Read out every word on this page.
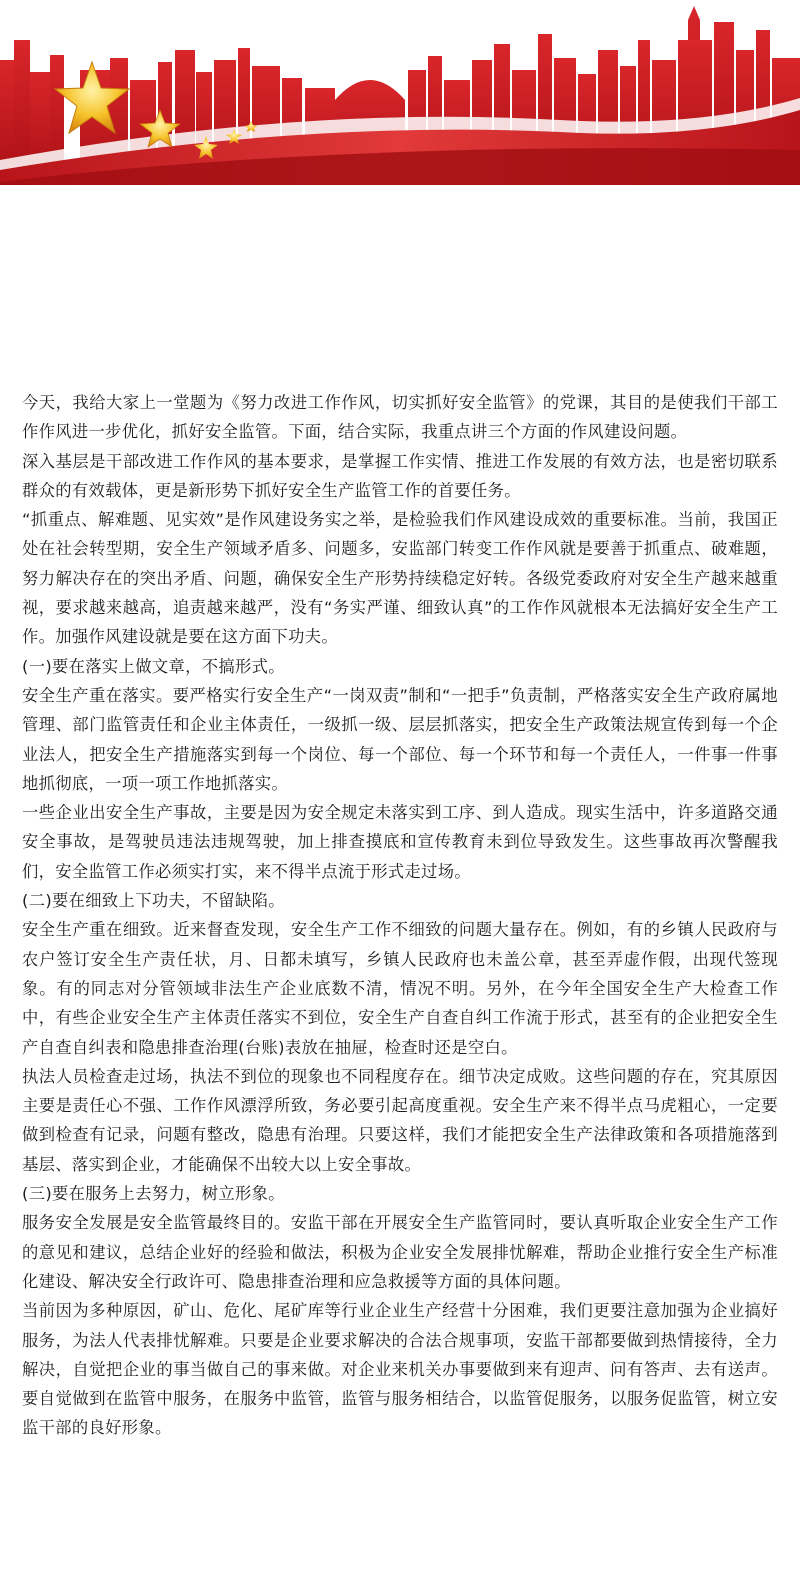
今天，我给大家上一堂题为《努力改进工作作风，切实抓好安全监管》的党课，其目的是使我们干部工作作风进一步优化，抓好安全监管。下面，结合实际，我重点讲三个方面的作风建设问题。

深入基层是干部改进工作作风的基本要求，是掌握工作实情、推进工作发展的有效方法，也是密切联系群众的有效载体，更是新形势下抓好安全生产监管工作的首要任务。

“抓重点、解难题、见实效”是作风建设务实之举，是检验我们作风建设成效的重要标准。当前，我国正处在社会转型期，安全生产领域矛盾多、问题多，安监部门转变工作作风就是要善于抓重点、破难题，努力解决存在的突出矛盾、问题，确保安全生产形势持续稳定好转。各级党委政府对安全生产越来越重视，要求越来越高，追责越来越严，没有“务实严谨、细致认真”的工作作风就根本无法搞好安全生产工作。加强作风建设就是要在这方面下功夫。

(一)要在落实上做文章，不搞形式。

安全生产重在落实。要严格实行安全生产“一岗双责”制和“一把手”负责制，严格落实安全生产政府属地管理、部门监管责任和企业主体责任，一级抓一级、层层抓落实，把安全生产政策法规宣传到每一个企业法人，把安全生产措施落实到每一个岗位、每一个部位、每一个环节和每一个责任人，一件事一件事地抓彻底，一项一项工作地抓落实。

一些企业出安全生产事故，主要是因为安全规定未落实到工序、到人造成。现实生活中，许多道路交通安全事故，是驾驶员违法违规驾驶，加上排查摸底和宣传教育未到位导致发生。这些事故再次警醒我们，安全监管工作必须实打实，来不得半点流于形式走过场。

(二)要在细致上下功夫，不留缺陷。

安全生产重在细致。近来督查发现，安全生产工作不细致的问题大量存在。例如，有的乡镇人民政府与农户签订安全生产责任状，月、日都未填写，乡镇人民政府也未盖公章，甚至弄虚作假，出现代签现象。有的同志对分管领域非法生产企业底数不清，情况不明。另外，在今年全国安全生产大检查工作中，有些企业安全生产主体责任落实不到位，安全生产自查自纠工作流于形式，甚至有的企业把安全生产自查自纠表和隐患排查治理(台账)表放在抽屉，检查时还是空白。

执法人员检查走过场，执法不到位的现象也不同程度存在。细节决定成败。这些问题的存在，究其原因主要是责任心不强、工作作风漂浮所致，务必要引起高度重视。安全生产来不得半点马虎粗心，一定要做到检查有记录，问题有整改，隐患有治理。只要这样，我们才能把安全生产法律政策和各项措施落到基层、落实到企业，才能确保不出较大以上安全事故。

(三)要在服务上去努力，树立形象。

服务安全发展是安全监管最终目的。安监干部在开展安全生产监管同时，要认真听取企业安全生产工作的意见和建议，总结企业好的经验和做法，积极为企业安全发展排忧解难，帮助企业推行安全生产标准化建设、解决安全行政许可、隐患排查治理和应急救援等方面的具体问题。

当前因为多种原因，矿山、危化、尾矿库等行业企业生产经营十分困难，我们更要注意加强为企业搞好服务，为法人代表排忧解难。只要是企业要求解决的合法合规事项，安监干部都要做到热情接待，全力解决，自觉把企业的事当做自己的事来做。对企业来机关办事要做到来有迎声、问有答声、去有送声。要自觉做到在监管中服务，在服务中监管，监管与服务相结合，以监管促服务，以服务促监管，树立安监干部的良好形象。
